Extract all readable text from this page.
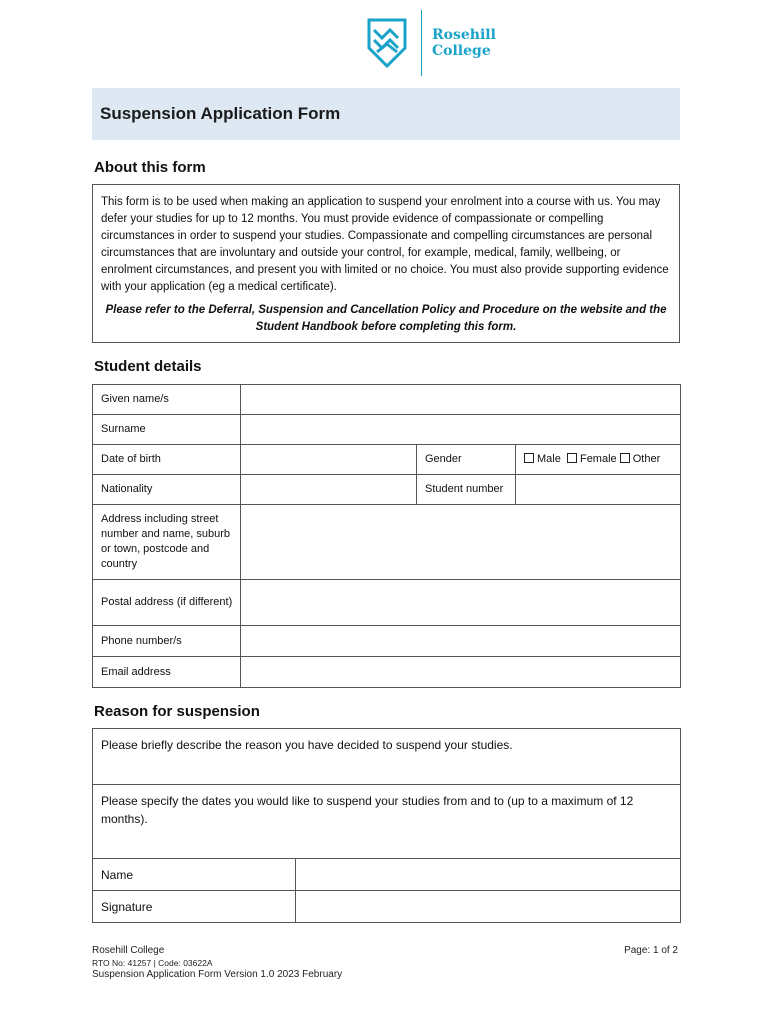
Rosehill
College
Suspension Application Form
About this form

This form is to be used when making an application to suspend your enrolment into a course with us. You may defer your studies for up to 12 months. You must provide evidence of compassionate or compelling circumstances in order to suspend your studies. Compassionate and compelling circumstances are personal circumstances that are involuntary and outside your control, for example, medical, family, wellbeing, or enrolment circumstances, and present you with limited or no choice. You must also provide supporting evidence with your application (eg a medical certificate).

Please refer to the Deferral, Suspension and Cancellation Policy and Procedure on the website and the Student Handbook before completing this form.

Student details
Given name/s			
Surname			
Date of birth		Gender	Male Female Other
Nationality		Student number	
Address including street number and name, suburb or town, postcode and country			
Postal address (if different)			
Phone number/s			
Email address			
Reason for suspension
Please briefly describe the reason you have decided to suspend your studies.	
Please specify the dates you would like to suspend your studies from and to (up to a maximum of 12 months).	
Name	
Signature	
Rosehill College
RTO No: 41257 | Code: 03622A
Suspension Application Form Version 1.0 2023 February
Page: 1 of 2
